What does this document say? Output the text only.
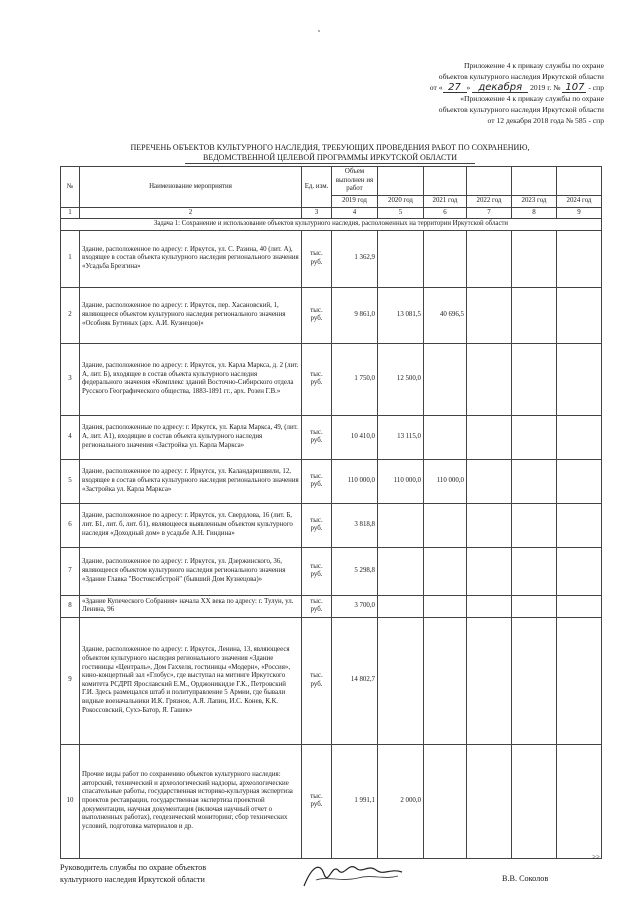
Приложение 4 к приказу службы по охране
объектов культурного наследия Иркутской области
от « 27 » декабря 2019 г. № 107 - спр
«Приложение 4 к приказу службы по охране
объектов культурного наследия Иркутской области
от 12 декабря 2018 года № 585 - спр
ПЕРЕЧЕНЬ ОБЪЕКТОВ КУЛЬТУРНОГО НАСЛЕДИЯ, ТРЕБУЮЩИХ ПРОВЕДЕНИЯ РАБОТ ПО СОХРАНЕНИЮ,
ВЕДОМСТВЕННОЙ ЦЕЛЕВОЙ ПРОГРАММЫ ИРКУТСКОЙ ОБЛАСТИ
№	Наименование мероприятия	Ед. изм.	Объем выполнен ия работ					
			2019 год	2020 год	2021 год	2022 год	2023 год	2024 год
1	2	3	4	5	6	7	8	9
Задача 1: Сохранение и использование объектов культурного наследия, расположенных на территории Иркутской области								
1	Здание, расположенное по адресу: г. Иркутск, ул. С. Разина, 40 (лит. А), входящее в состав объекта культурного наследия регионального значения «Усадьба Брезгина»	тыс. руб.	1 362,9					
2	Здание, расположенное по адресу: г. Иркутск, пер. Хасановский, 1, являющееся объектом культурного наследия регионального значения «Особняк Бутиных (арх. А.И. Кузнецов)»	тыс. руб.	9 861,0	13 081,5	40 696,5			
3	Здание, расположенное по адресу: г. Иркутск, ул. Карла Маркса, д. 2 (лит. А, лит. Б), входящее в состав объекта культурного наследия федерального значения «Комплекс зданий Восточно-Сибирского отдела Русского Географического общества, 1883-1891 гг., арх. Розен Г.В.»	тыс. руб.	1 750,0	12 500,0				
4	Здания, расположенные по адресу: г. Иркутск, ул. Карла Маркса, 49, (лит. А, лит. А1), входящие в состав объекта культурного наследия регионального значения «Застройка ул. Карла Маркса»	тыс. руб.	10 410,0	13 115,0				
5	Здание, расположенное по адресу: г. Иркутск, ул. Каландаришвили, 12, входящее в состав объекта культурного наследия регионального значения «Застройка ул. Карла Маркса»	тыс. руб.	110 000,0	110 000,0	110 000,0			
6	Здание, расположенное по адресу: г. Иркутск, ул. Свердлова, 16 (лит. Б, лит. Б1, лит. б, лит. б1), являющееся выявленным объектом культурного наследия «Доходный дом» в усадьбе А.Н. Гиндина»	тыс. руб.	3 818,8					
7	Здание, расположенное по адресу: г. Иркутск, ул. Дзержинского, 36, являющееся объектом культурного наследия регионального значения «Здание Главка "Востоксибстрой" (бывший Дом Кузнецова)»	тыс. руб.	5 298,8					
8	«Здание Купеческого Собрания» начала XX века по адресу: г. Тулун, ул. Ленина, 96	тыс. руб.	3 700,0					
9	Здание, расположенное по адресу: г. Иркутск, Ленина, 13, являющееся объектом культурного наследия регионального значения «Здание гостиницы «Централь», Дом Гаххеля, гостиницы «Модерн», «Россия», кино-концертный зал «Глобус», где выступал на митинге Иркутского комитета РСДРП Ярославский Е.М., Орджоникидзе Г.К., Петровский Г.И. Здесь размещался штаб и политуправление 5 Армии, где бывали видные военачальники И.К. Грязнов, А.Я. Лапин, И.С. Конев, К.К. Рокоссовский, Сухэ-Батор, Я. Гашек»	тыс. руб.	14 802,7					
10	Прочие виды работ по сохранению объектов культурного наследия: авторский, технический и археологический надзоры, археологические спасательные работы, государственная историко-культурная экспертиза проектов реставрации, государственная экспертиза проектной документации, научная документация (включая научный отчет о выполненных работах), геодезический мониторинг, сбор технических условий, подготовка материалов и др.	тыс. руб.	1 991,1	2 000,0				
Руководитель службы по охране объектов
культурного наследия Иркутской области	В.В. Соколов
>>
